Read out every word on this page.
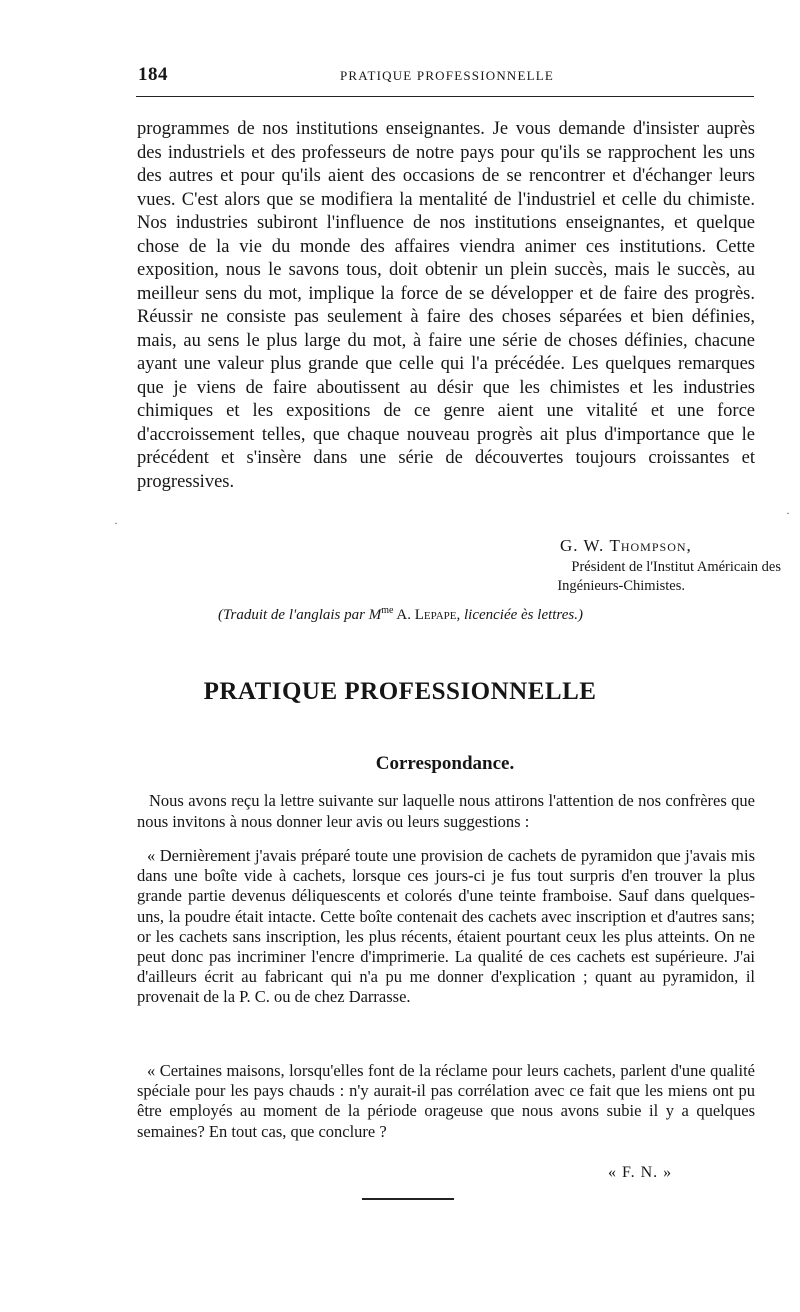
184	PRATIQUE PROFESSIONNELLE
programmes de nos institutions enseignantes. Je vous demande d'insister auprès des industriels et des professeurs de notre pays pour qu'ils se rapprochent les uns des autres et pour qu'ils aient des occasions de se rencontrer et d'échanger leurs vues. C'est alors que se modifiera la mentalité de l'industriel et celle du chimiste. Nos industries subiront l'influence de nos institutions enseignantes, et quelque chose de la vie du monde des affaires viendra animer ces institutions. Cette exposition, nous le savons tous, doit obtenir un plein succès, mais le succès, au meilleur sens du mot, implique la force de se développer et de faire des progrès. Réussir ne consiste pas seulement à faire des choses séparées et bien définies, mais, au sens le plus large du mot, à faire une série de choses définies, chacune ayant une valeur plus grande que celle qui l'a précédée. Les quelques remarques que je viens de faire aboutissent au désir que les chimistes et les industries chimiques et les expositions de ce genre aient une vitalité et une force d'accroissement telles, que chaque nouveau progrès ait plus d'importance que le précédent et s'insère dans une série de découvertes toujours croissantes et progressives.
G. W. Thompson,
Président de l'Institut Américain des
Ingénieurs-Chimistes.
(Traduit de l'anglais par $M^{me}$ A. Lepape, licenciée ès lettres.)
PRATIQUE PROFESSIONNELLE
Correspondance.
Nous avons reçu la lettre suivante sur laquelle nous attirons l'attention de nos confrères que nous invitons à nous donner leur avis ou leurs suggestions :
« Dernièrement j'avais préparé toute une provision de cachets de pyramidon que j'avais mis dans une boîte vide à cachets, lorsque ces jours-ci je fus tout surpris d'en trouver la plus grande partie devenus déliquescents et colorés d'une teinte framboise. Sauf dans quelques-uns, la poudre était intacte. Cette boîte contenait des cachets avec inscription et d'autres sans; or les cachets sans inscription, les plus récents, étaient pourtant ceux les plus atteints. On ne peut donc pas incriminer l'encre d'imprimerie. La qualité de ces cachets est supérieure. J'ai d'ailleurs écrit au fabricant qui n'a pu me donner d'explication ; quant au pyramidon, il provenait de la P. C. ou de chez Darrasse.
« Certaines maisons, lorsqu'elles font de la réclame pour leurs cachets, parlent d'une qualité spéciale pour les pays chauds : n'y aurait-il pas corrélation avec ce fait que les miens ont pu être employés au moment de la période orageuse que nous avons subie il y a quelques semaines? En tout cas, que conclure ?
« F. N. »
·
·
